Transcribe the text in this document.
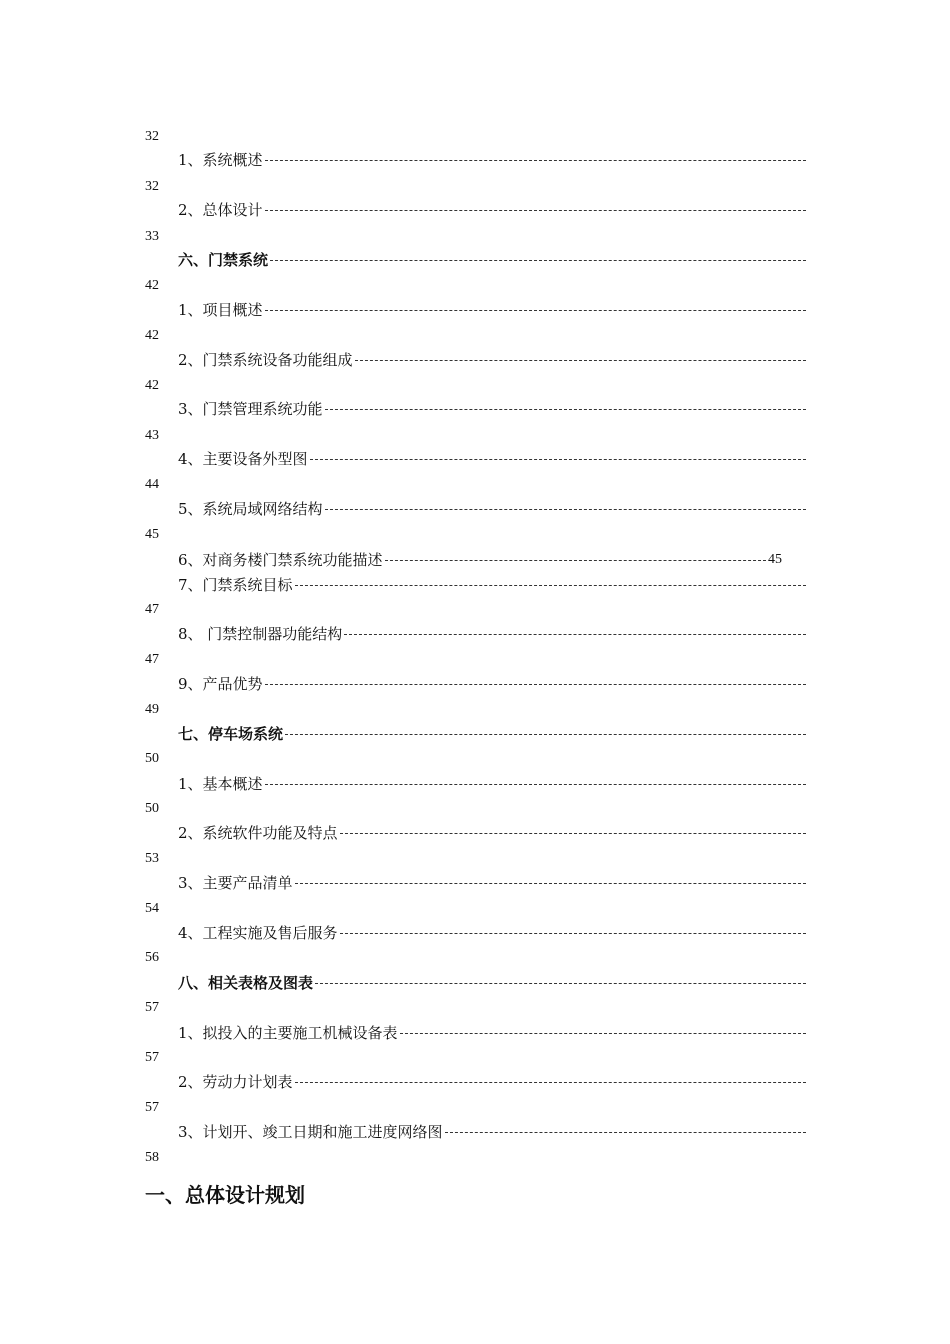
32
1、系统概述
32
2、总体设计
33
六、门禁系统
42
1、项目概述
42
2、门禁系统设备功能组成
42
3、门禁管理系统功能
43
4、主要设备外型图
44
5、系统局域网络结构
45
6、对商务楼门禁系统功能描述	45
7、门禁系统目标
47
8、 门禁控制器功能结构
47
9、产品优势
49
七、停车场系统
50
1、基本概述
50
2、系统软件功能及特点
53
3、主要产品清单
54
4、工程实施及售后服务
56
八、相关表格及图表
57
1、拟投入的主要施工机械设备表
57
2、劳动力计划表
57
3、计划开、竣工日期和施工进度网络图
58
一、总体设计规划
